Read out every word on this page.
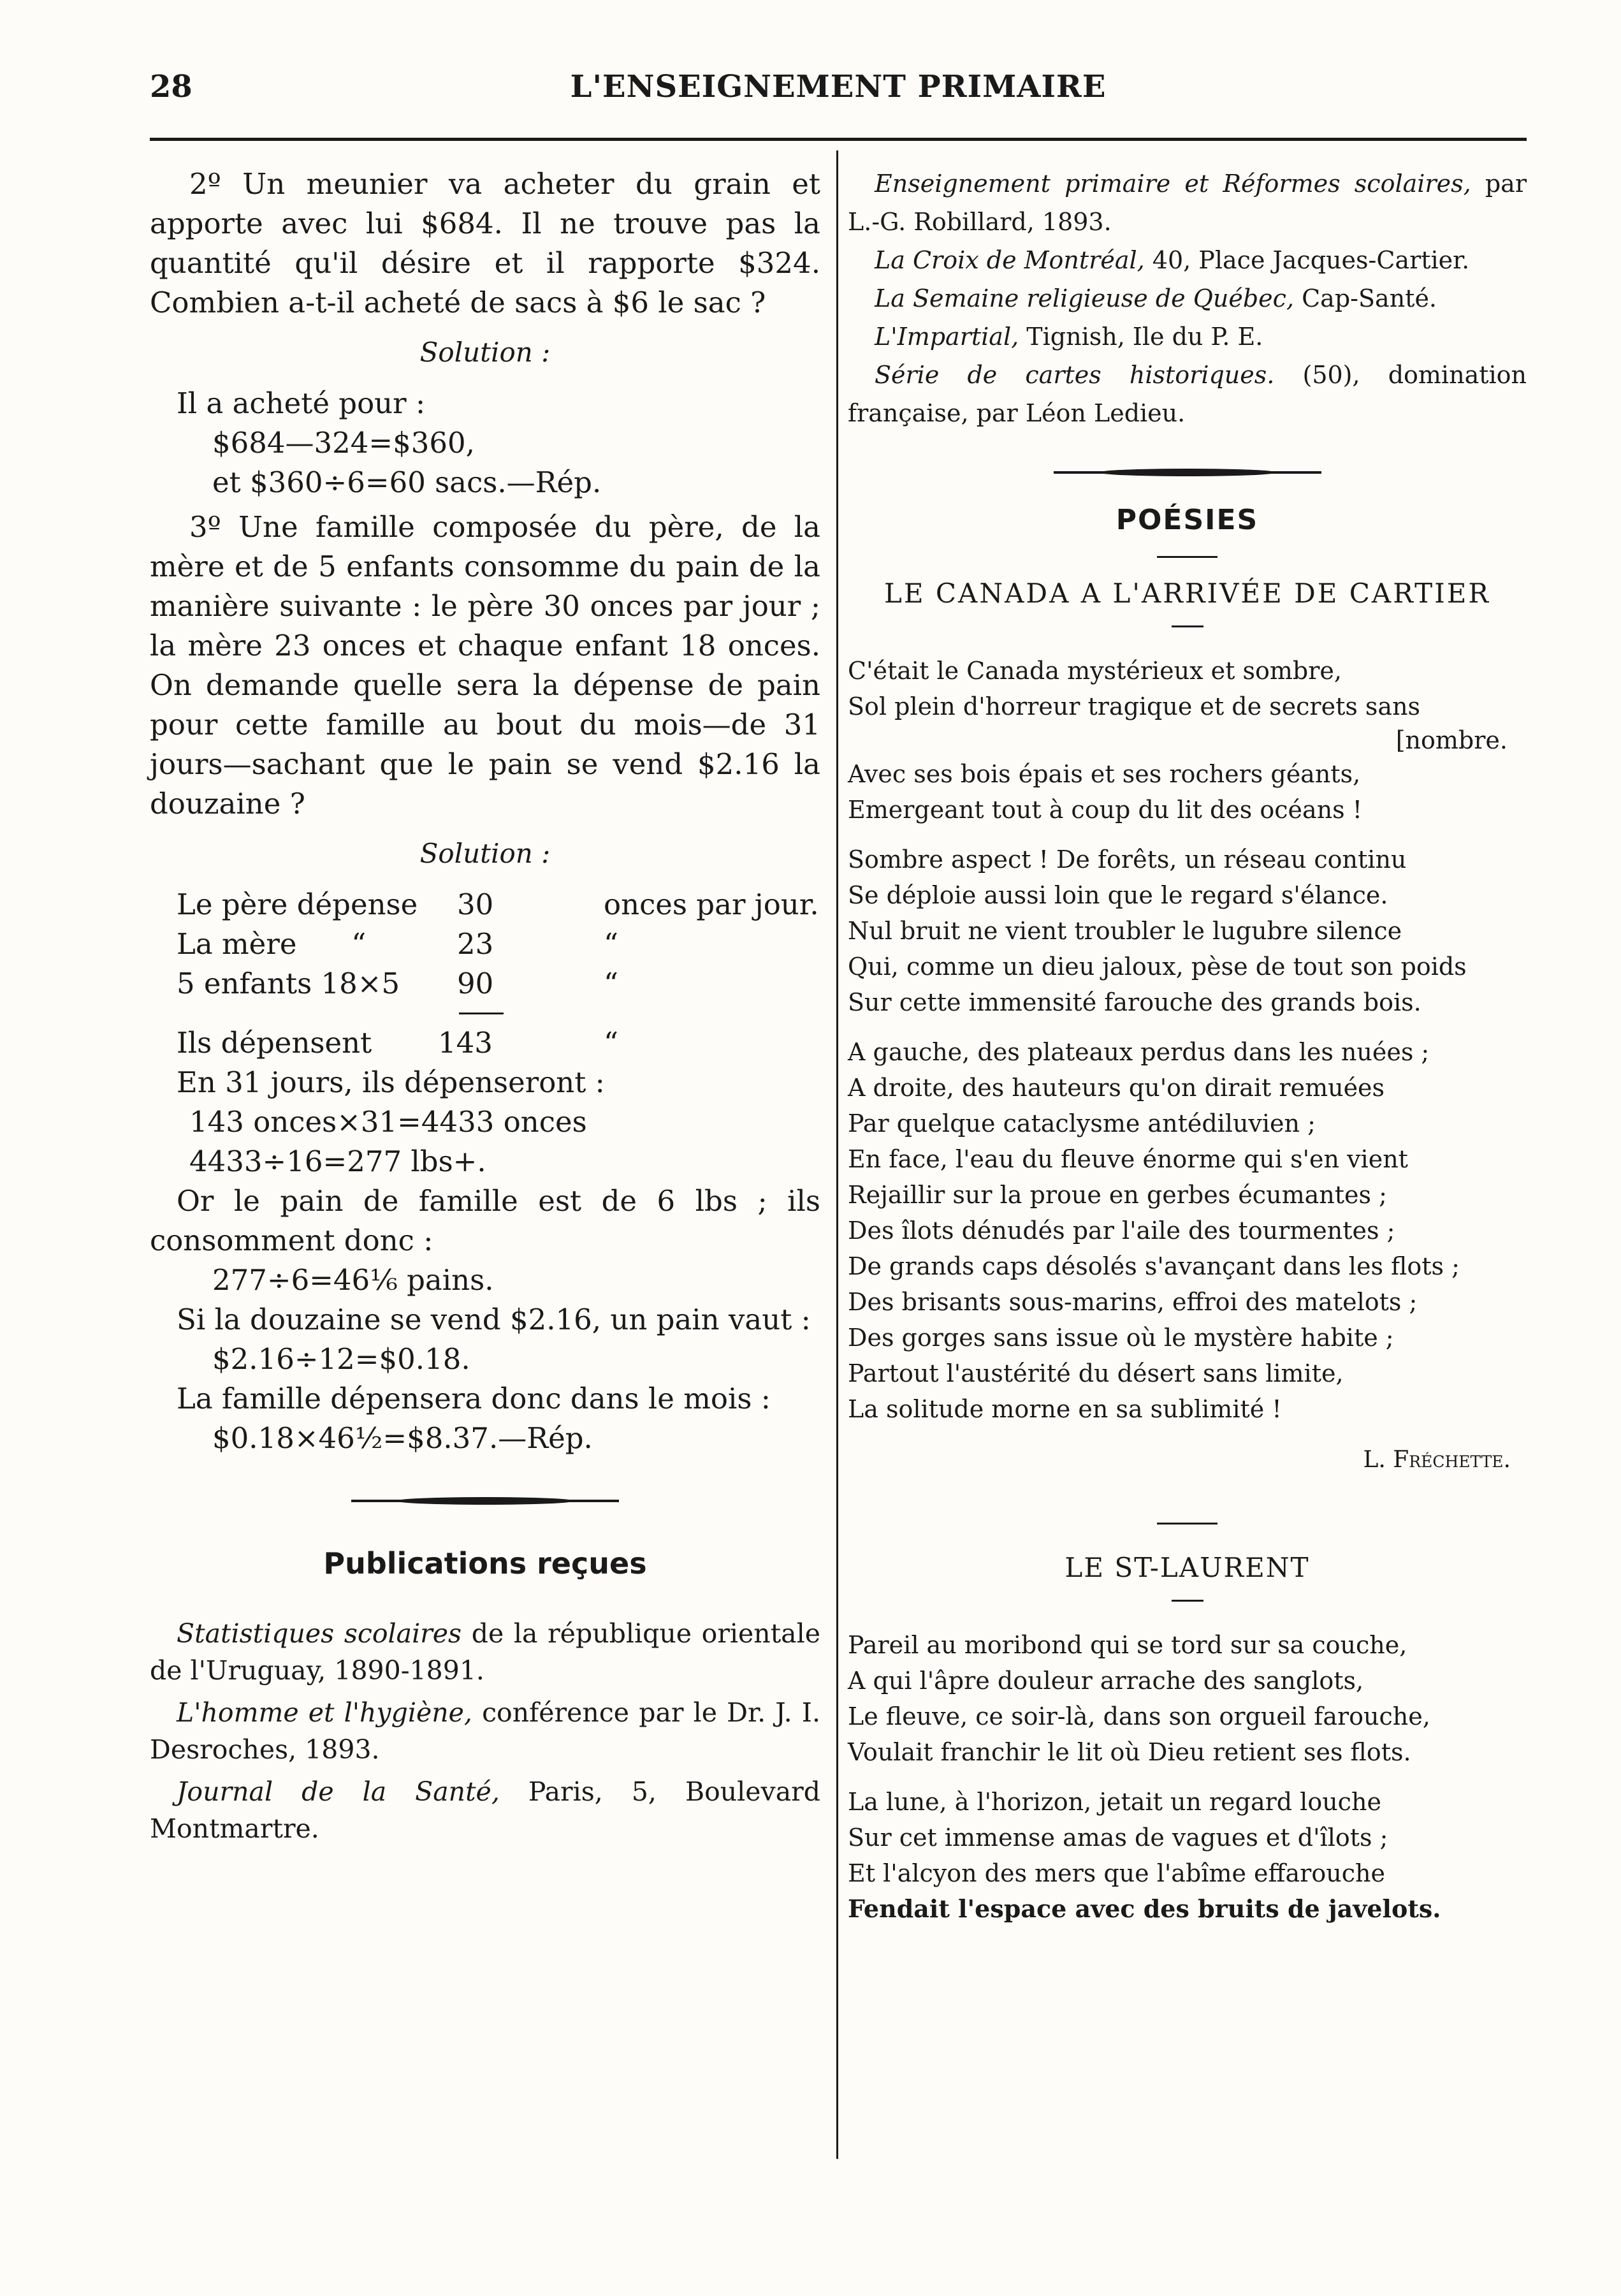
28	L'ENSEIGNEMENT PRIMAIRE

2º Un meunier va acheter du grain et apporte avec lui $684. Il ne trouve pas la quantité qu'il désire et il rapporte $324. Combien a-t-il acheté de sacs à $6 le sac ?

Solution :
Il a acheté pour :
$684—324=$360,
et $360÷6=60 sacs.—Rép.

3º Une famille composée du père, de la mère et de 5 enfants consomme du pain de la manière suivante : le père 30 onces par jour ; la mère 23 onces et chaque enfant 18 onces. On demande quelle sera la dépense de pain pour cette famille au bout du mois—de 31 jours—sachant que le pain se vend $2.16 la douzaine ?

Solution :
Le père dépense	30	onces par jour.
La mère      “	23	“
5 enfants 18×5	90	“
Ils dépensent	143	“
En 31 jours, ils dépenseront :
143 onces×31=4433 onces
4433÷16=277 lbs+.

Or le pain de famille est de 6 lbs ; ils consomment donc :

277÷6=46⅙ pains.

Si la douzaine se vend $2.16, un pain vaut :

$2.16÷12=$0.18.
La famille dépensera donc dans le mois :
$0.18×46½=$8.37.—Rép.
Publications reçues

Statistiques scolaires de la république orientale de l'Uruguay, 1890-1891.

L'homme et l'hygiène, conférence par le Dr. J. I. Desroches, 1893.

Journal de la Santé, Paris, 5, Boulevard Montmartre.

Enseignement primaire et Réformes scolaires, par L.-G. Robillard, 1893.

La Croix de Montréal, 40, Place Jacques-Cartier.

La Semaine religieuse de Québec, Cap-Santé.

L'Impartial, Tignish, Ile du P. E.

Série de cartes historiques. (50), domination française, par Léon Ledieu.

POÉSIES
LE CANADA A L'ARRIVÉE DE CARTIER
C'était le Canada mystérieux et sombre,
Sol plein d'horreur tragique et de secrets sans
[nombre.
Avec ses bois épais et ses rochers géants,
Emergeant tout à coup du lit des océans !
Sombre aspect ! De forêts, un réseau continu
Se déploie aussi loin que le regard s'élance.
Nul bruit ne vient troubler le lugubre silence
Qui, comme un dieu jaloux, pèse de tout son poids
Sur cette immensité farouche des grands bois.
A gauche, des plateaux perdus dans les nuées ;
A droite, des hauteurs qu'on dirait remuées
Par quelque cataclysme antédiluvien ;
En face, l'eau du fleuve énorme qui s'en vient
Rejaillir sur la proue en gerbes écumantes ;
Des îlots dénudés par l'aile des tourmentes ;
De grands caps désolés s'avançant dans les flots ;
Des brisants sous-marins, effroi des matelots ;
Des gorges sans issue où le mystère habite ;
Partout l'austérité du désert sans limite,
La solitude morne en sa sublimité !
L. Fréchette.
LE ST-LAURENT
Pareil au moribond qui se tord sur sa couche,
A qui l'âpre douleur arrache des sanglots,
Le fleuve, ce soir-là, dans son orgueil farouche,
Voulait franchir le lit où Dieu retient ses flots.
La lune, à l'horizon, jetait un regard louche
Sur cet immense amas de vagues et d'îlots ;
Et l'alcyon des mers que l'abîme effarouche
Fendait l'espace avec des bruits de javelots.
